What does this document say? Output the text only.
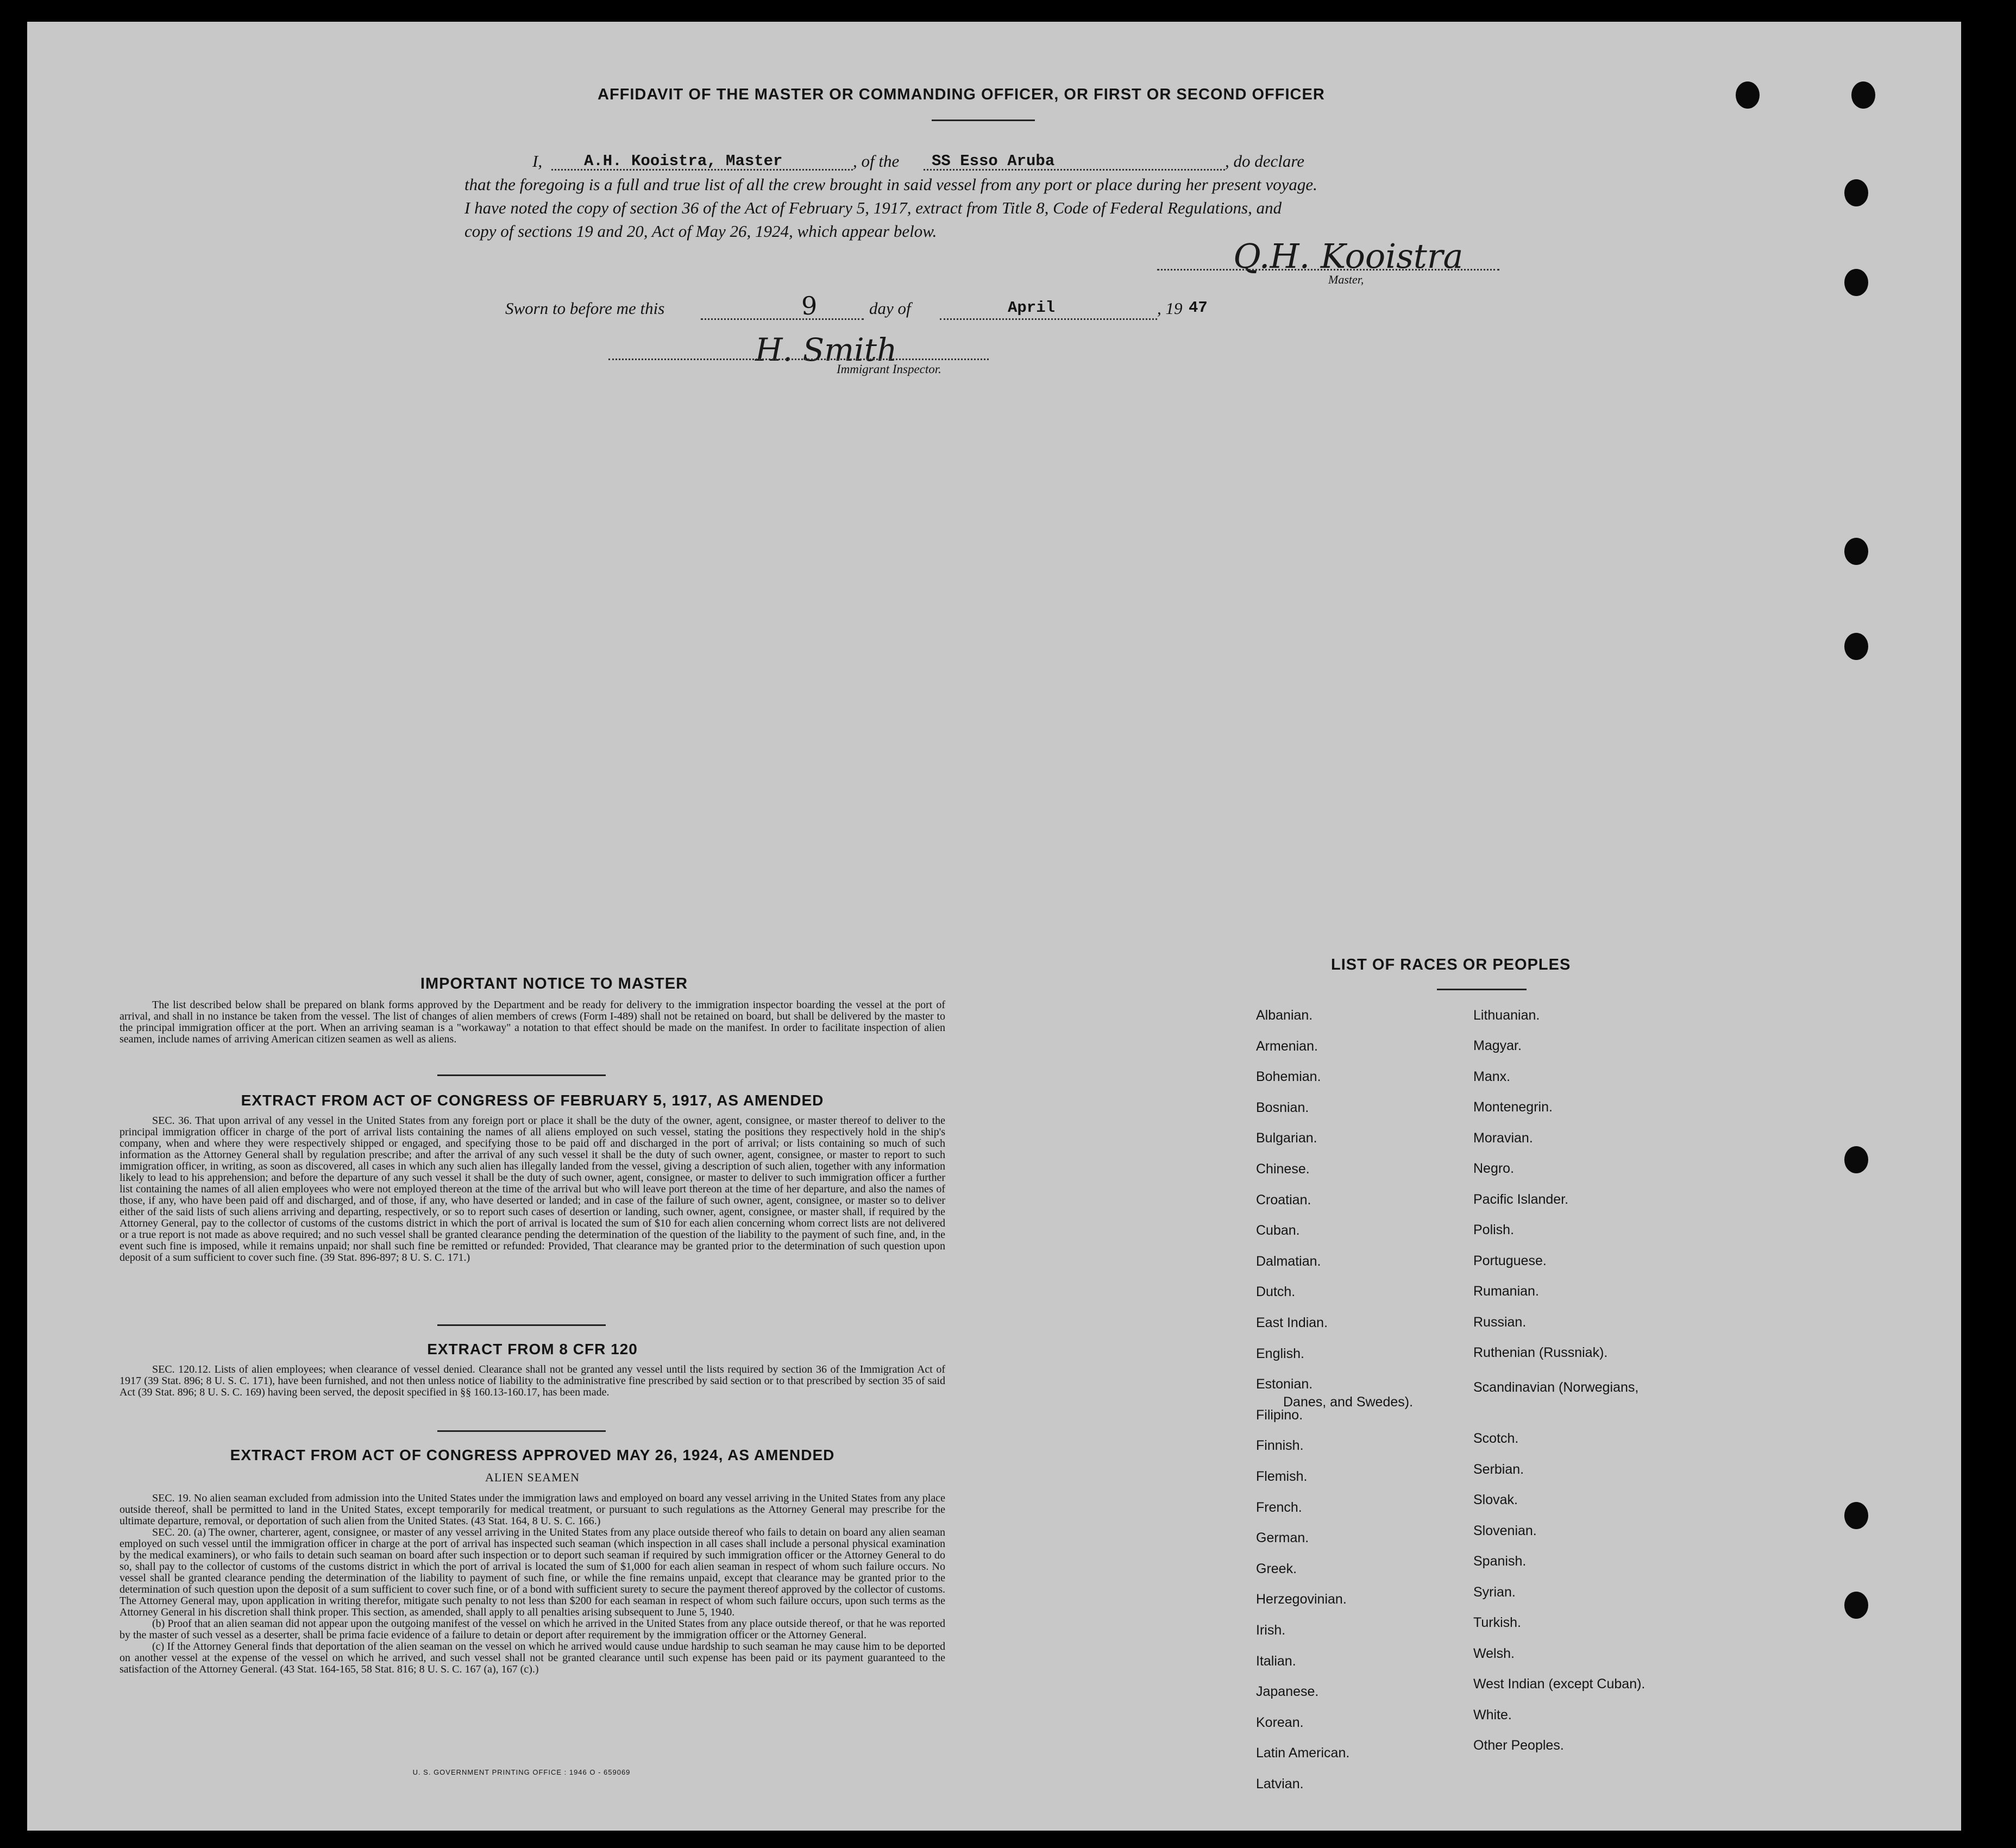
AFFIDAVIT OF THE MASTER OR COMMANDING OFFICER, OR FIRST OR SECOND OFFICER
I,	A.H. Kooistra, Master	, of the SS Esso Aruba	, do declare
that the foregoing is a full and true list of all the crew brought in said vessel from any port or place during her present voyage.
I have noted the copy of section 36 of the Act of February 5, 1917, extract from Title 8, Code of Federal Regulations, and
copy of sections 19 and 20, Act of May 26, 1924, which appear below.
Q.H. Kooistra
Master,
Sworn to before me this	9	day of	April	, 19 47
H. Smith
Immigrant Inspector.
IMPORTANT NOTICE TO MASTER
The list described below shall be prepared on blank forms approved by the Department and be ready for delivery to the immigration inspector boarding the vessel at the port of arrival, and shall in no instance be taken from the vessel. The list of changes of alien members of crews (Form I-489) shall not be retained on board, but shall be delivered by the master to the principal immigration officer at the port. When an arriving seaman is a "workaway" a notation to that effect should be made on the manifest. In order to facilitate inspection of alien seamen, include names of arriving American citizen seamen as well as aliens.
EXTRACT FROM ACT OF CONGRESS OF FEBRUARY 5, 1917, AS AMENDED
SEC. 36. That upon arrival of any vessel in the United States from any foreign port or place it shall be the duty of the owner, agent, consignee, or master thereof to deliver to the principal immigration officer in charge of the port of arrival lists containing the names of all aliens employed on such vessel, stating the positions they respectively hold in the ship's company, when and where they were respectively shipped or engaged, and specifying those to be paid off and discharged in the port of arrival; or lists containing so much of such information as the Attorney General shall by regulation prescribe; and after the arrival of any such vessel it shall be the duty of such owner, agent, consignee, or master to report to such immigration officer, in writing, as soon as discovered, all cases in which any such alien has illegally landed from the vessel, giving a description of such alien, together with any information likely to lead to his apprehension; and before the departure of any such vessel it shall be the duty of such owner, agent, consignee, or master to deliver to such immigration officer a further list containing the names of all alien employees who were not employed thereon at the time of the arrival but who will leave port thereon at the time of her departure, and also the names of those, if any, who have been paid off and discharged, and of those, if any, who have deserted or landed; and in case of the failure of such owner, agent, consignee, or master so to deliver either of the said lists of such aliens arriving and departing, respectively, or so to report such cases of desertion or landing, such owner, agent, consignee, or master shall, if required by the Attorney General, pay to the collector of customs of the customs district in which the port of arrival is located the sum of $10 for each alien concerning whom correct lists are not delivered or a true report is not made as above required; and no such vessel shall be granted clearance pending the determination of the question of the liability to the payment of such fine, and, in the event such fine is imposed, while it remains unpaid; nor shall such fine be remitted or refunded: Provided, That clearance may be granted prior to the determination of such question upon deposit of a sum sufficient to cover such fine. (39 Stat. 896-897; 8 U. S. C. 171.)
EXTRACT FROM 8 CFR 120
SEC. 120.12. Lists of alien employees; when clearance of vessel denied. Clearance shall not be granted any vessel until the lists required by section 36 of the Immigration Act of 1917 (39 Stat. 896; 8 U. S. C. 171), have been furnished, and not then unless notice of liability to the administrative fine prescribed by said section or to that prescribed by section 35 of said Act (39 Stat. 896; 8 U. S. C. 169) having been served, the deposit specified in §§ 160.13-160.17, has been made.
EXTRACT FROM ACT OF CONGRESS APPROVED MAY 26, 1924, AS AMENDED
ALIEN SEAMEN
SEC. 19. No alien seaman excluded from admission into the United States under the immigration laws and employed on board any vessel arriving in the United States from any place outside thereof, shall be permitted to land in the United States, except temporarily for medical treatment, or pursuant to such regulations as the Attorney General may prescribe for the ultimate departure, removal, or deportation of such alien from the United States. (43 Stat. 164, 8 U. S. C. 166.)
SEC. 20. (a) The owner, charterer, agent, consignee, or master of any vessel arriving in the United States from any place outside thereof who fails to detain on board any alien seaman employed on such vessel until the immigration officer in charge at the port of arrival has inspected such seaman (which inspection in all cases shall include a personal physical examination by the medical examiners), or who fails to detain such seaman on board after such inspection or to deport such seaman if required by such immigration officer or the Attorney General to do so, shall pay to the collector of customs of the customs district in which the port of arrival is located the sum of $1,000 for each alien seaman in respect of whom such failure occurs. No vessel shall be granted clearance pending the determination of the liability to payment of such fine, or while the fine remains unpaid, except that clearance may be granted prior to the determination of such question upon the deposit of a sum sufficient to cover such fine, or of a bond with sufficient surety to secure the payment thereof approved by the collector of customs. The Attorney General may, upon application in writing therefor, mitigate such penalty to not less than $200 for each seaman in respect of whom such failure occurs, upon such terms as the Attorney General in his discretion shall think proper. This section, as amended, shall apply to all penalties arising subsequent to June 5, 1940.
(b) Proof that an alien seaman did not appear upon the outgoing manifest of the vessel on which he arrived in the United States from any place outside thereof, or that he was reported by the master of such vessel as a deserter, shall be prima facie evidence of a failure to detain or deport after requirement by the immigration officer or the Attorney General.
(c) If the Attorney General finds that deportation of the alien seaman on the vessel on which he arrived would cause undue hardship to such seaman he may cause him to be deported on another vessel at the expense of the vessel on which he arrived, and such vessel shall not be granted clearance until such expense has been paid or its payment guaranteed to the satisfaction of the Attorney General. (43 Stat. 164-165, 58 Stat. 816; 8 U. S. C. 167 (a), 167 (c).)
U. S. GOVERNMENT PRINTING OFFICE : 1946 O - 659069
LIST OF RACES OR PEOPLES
Albanian.
Armenian.
Bohemian.
Bosnian.
Bulgarian.
Chinese.
Croatian.
Cuban.
Dalmatian.
Dutch.
East Indian.
English.
Estonian.
Filipino.
Finnish.
Flemish.
French.
German.
Greek.
Herzegovinian.
Irish.
Italian.
Japanese.
Korean.
Latin American.
Latvian.
Lithuanian.
Magyar.
Manx.
Montenegrin.
Moravian.
Negro.
Pacific Islander.
Polish.
Portuguese.
Rumanian.
Russian.
Ruthenian (Russniak).
Scandinavian (Norwegians,
Danes, and Swedes).
Scotch.
Serbian.
Slovak.
Slovenian.
Spanish.
Syrian.
Turkish.
Welsh.
West Indian (except Cuban).
White.
Other Peoples.
